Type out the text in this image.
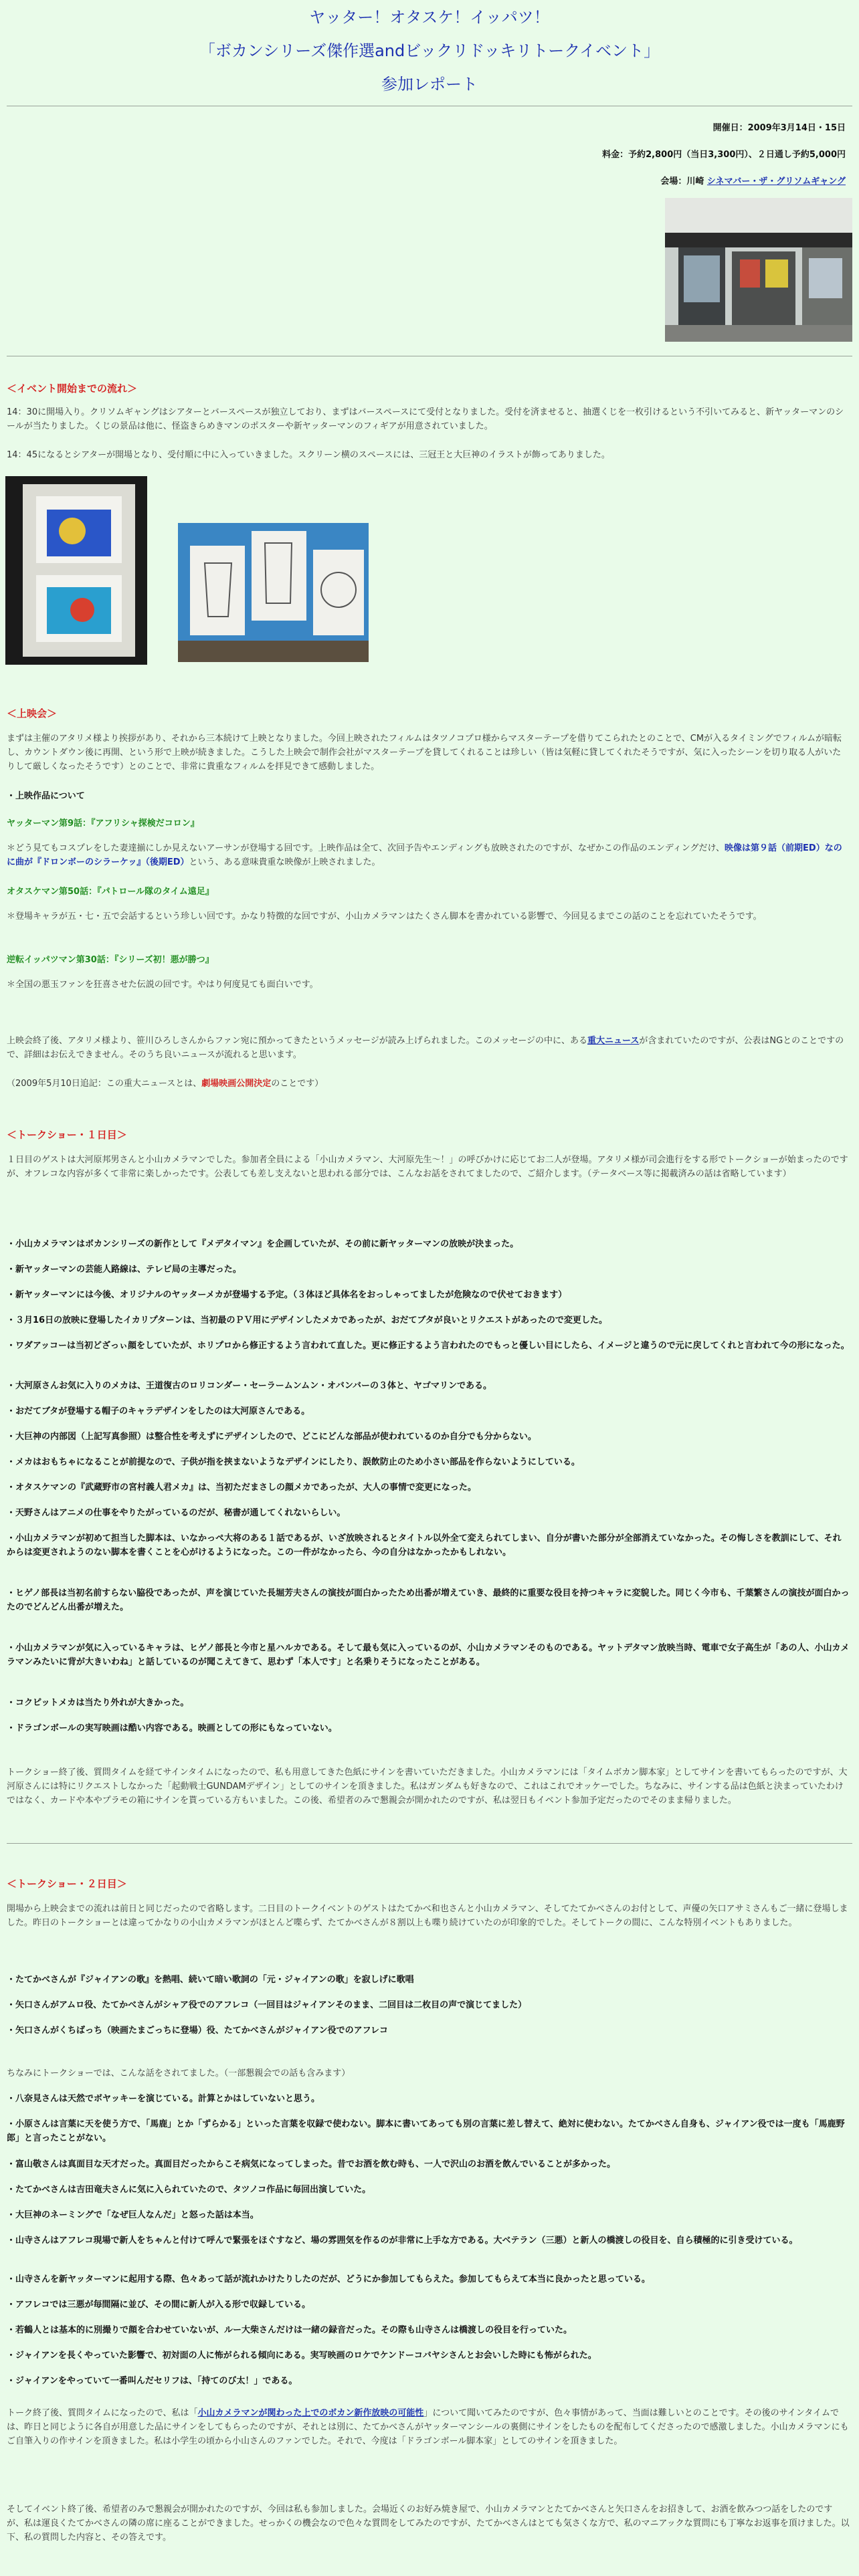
ヤッター！オタスケ！イッパツ！
「ボカンシリーズ傑作選andビックリドッキリトークイベント」
参加レポート
開催日：2009年3月14日・15日
料金：予約2,800円（当日3,300円）、２日通し予約5,000円
会場：川崎 シネマバー・ザ・グリソムギャング
＜イベント開始までの流れ＞
14：30に開場入り。クリソムギャングはシアターとバースペースが独立しており、まずはバースペースにて受付となりました。受付を済ませると、抽選くじを一枚引けるという不引いてみると、新ヤッターマンのシールが当たりました。くじの景品は他に、怪盗きらめきマンのポスターや新ヤッターマンのフィギアが用意されていました。
14：45になるとシアターが開場となり、受付順に中に入っていきました。スクリーン横のスペースには、三冠王と大巨神のイラストが飾ってありました。
＜上映会＞
まずは主催のアタリメ様より挨拶があり、それから三本続けて上映となりました。今回上映されたフィルムはタツノコプロ様からマスターテープを借りてこられたとのことで、CMが入るタイミングでフィルムが暗転し、カウントダウン後に再開、という形で上映が続きました。こうした上映会で制作会社がマスターテープを貸してくれることは珍しい（皆は気軽に貸してくれたそうですが、気に入ったシーンを切り取る人がいたりして厳しくなったそうです）とのことで、非常に貴重なフィルムを拝見できて感動しました。
・上映作品について
ヤッターマン第9話：『アフリシャ探検だコロン』
＊どう見てもコスプレをした妻達揃にしか見えないアーサンが登場する回です。上映作品は全て、次回予告やエンディングも放映されたのですが、なぜかこの作品のエンディングだけ、映像は第９話（前期ED）なのに曲が『ドロンボーのシラーケッ』（後期ED）という、ある意味貴重な映像が上映されました。
オタスケマン第50話：『パトロール隊のタイム遠足』
＊登場キャラが五・七・五で会話するという珍しい回です。かなり特徴的な回ですが、小山カメラマンはたくさん脚本を書かれている影響で、今回見るまでこの話のことを忘れていたそうです。
逆転イッパツマン第30話：『シリーズ初！悪が勝つ』
＊全国の悪玉ファンを狂喜させた伝説の回です。やはり何度見ても面白いです。
上映会終了後、アタリメ様より、笹川ひろしさんからファン宛に預かってきたというメッセージが読み上げられました。このメッセージの中に、ある重大ニュースが含まれていたのですが、公表はNGとのことですので、詳細はお伝えできません。そのうち良いニュースが流れると思います。
（2009年5月10日追記：この重大ニュースとは、劇場映画公開決定のことです）
＜トークショー・１日目＞
１日目のゲストは大河原邦男さんと小山カメラマンでした。参加者全員による「小山カメラマン、大河原先生〜！」の呼びかけに応じてお二人が登場。アタリメ様が司会進行をする形でトークショーが始まったのですが、オフレコな内容が多くて非常に楽しかったです。公表しても差し支えないと思われる部分では、こんなお話をされてましたので、ご紹介します。（テータベース等に掲載済みの話は省略しています）
・小山カメラマンはボカンシリーズの新作として『メデタイマン』を企画していたが、その前に新ヤッターマンの放映が決まった。
・新ヤッターマンの芸能人路線は、テレビ局の主導だった。
・新ヤッターマンには今後、オリジナルのヤッターメカが登場する予定。（３体ほど具体名をおっしゃってましたが危険なので伏せておきます）
・３月16日の放映に登場したイカリプターンは、当初最のＰＶ用にデザインしたメカであったが、おだてブタが良いとリクエストがあったので変更した。
・ワダアッコーは当初どざっぃ顔をしていたが、ホリプロから修正するよう言われて直した。更に修正するよう言われたのでもっと優しい目にしたら、イメージと違うので元に戻してくれと言われて今の形になった。
・大河原さんお気に入りのメカは、王道復古のロリコンダー・セーラームンムン・オバンバーの３体と、ヤゴマリンである。
・おだてブタが登場する帽子のキャラデザインをしたのは大河原さんである。
・大巨神の内部図（上記写真参照）は整合性を考えずにデザインしたので、どこにどんな部品が使われているのか自分でも分からない。
・メカはおもちゃになることが前提なので、子供が指を挟まないようなデザインにしたり、誤飲防止のため小さい部品を作らないようにしている。
・オタスケマンの『武蔵野市の宮村義人君メカ』は、当初ただまさしの顔メカであったが、大人の事情で変更になった。
・天野さんはアニメの仕事をやりたがっているのだが、秘書が通してくれないらしい。
・小山カメラマンが初めて担当した脚本は、いなかっぺ大将のある１話であるが、いざ放映されるとタイトル以外全て変えられてしまい、自分が書いた部分が全部消えていなかった。その悔しさを教訓にして、それからは変更されようのない脚本を書くことを心がけるようになった。この一件がなかったら、今の自分はなかったかもしれない。
・ヒゲノ部長は当初名前すらない脇役であったが、声を演じていた長堀芳夫さんの演技が面白かったため出番が増えていき、最終的に重要な役目を持つキャラに変貌した。同じく今市も、千葉繁さんの演技が面白かったのでどんどん出番が増えた。
・小山カメラマンが気に入っているキャラは、ヒゲノ部長と今市と星ハルカである。そして最も気に入っているのが、小山カメラマンそのものである。ヤットデタマン放映当時、電車で女子高生が「あの人、小山カメラマンみたいに背が大きいわね」と話しているのが聞こえてきて、思わず「本人です」と名乗りそうになったことがある。
・コクピットメカは当たり外れが大きかった。
・ドラゴンボールの実写映画は酷い内容である。映画としての形にもなっていない。
トークショー終了後、質問タイムを経てサインタイムになったので、私も用意してきた色紙にサインを書いていただきました。小山カメラマンには「タイムボカン脚本家」としてサインを書いてもらったのですが、大河原さんには特にリクエストしなかった「起動戦士GUNDAMデザイン」としてのサインを頂きました。私はガンダムも好きなので、これはこれでオッケーでした。ちなみに、サインする品は色紙と決まっていたわけではなく、カードや本やプラモの箱にサインを貰っている方もいました。この後、希望者のみで懇親会が開かれたのですが、私は翌日もイベント参加予定だったのでそのまま帰りました。
＜トークショー・２日目＞
開場から上映会までの流れは前日と同じだったので省略します。二日目のトークイベントのゲストはたてかべ和也さんと小山カメラマン、そしてたてかべさんのお付として、声優の矢口アサミさんもご一緒に登場しました。昨日のトークショーとは違ってかなりの小山カメラマンがほとんど喋らず、たてかべさんが８割以上も喋り続けていたのが印象的でした。そしてトークの間に、こんな特別イベントもありました。
・たてかべさんが『ジャイアンの歌』を熱唱、続いて暗い歌詞の「元・ジャイアンの歌」を寂しげに歌唱
・矢口さんがアムロ役、たてかべさんがシャア役でのアフレコ（一回目はジャイアンそのまま、二回目は二枚目の声で演じてました）
・矢口さんがくちばっち（映画たまごっちに登場）役、たてかべさんがジャイアン役でのアフレコ
ちなみにトークショーでは、こんな話をされてました。（一部懇親会での話も含みます）
・八奈見さんは天然でボヤッキーを演じている。計算とかはしていないと思う。
・小原さんは言葉に天を使う方で、「馬鹿」とか「ずらかる」といった言葉を収録で使わない。脚本に書いてあっても別の言葉に差し替えて、絶対に使わない。たてかべさん自身も、ジャイアン役では一度も「馬鹿野郎」と言ったことがない。
・富山敬さんは真面目な天才だった。真面目だったからこそ病気になってしまった。昔でお酒を飲む時も、一人で沢山のお酒を飲んでいることが多かった。
・たてかべさんは吉田竜夫さんに気に入られていたので、タツノコ作品に毎回出演していた。
・大巨神のネーミングで「なぜ巨人なんだ」と怒った話は本当。
・山寺さんはアフレコ現場で新人をちゃんと付けて呼んで緊張をほぐすなど、場の雰囲気を作るのが非常に上手な方である。大ベテラン（三悪）と新人の橋渡しの役目を、自ら積極的に引き受けている。
・山寺さんを新ヤッターマンに起用する際、色々あって話が流れかけたりしたのだが、どうにか参加してもらえた。参加してもらえて本当に良かったと思っている。
・アフレコでは三悪が毎間隔に並び、その間に新人が入る形で収録している。
・若鶴人とは基本的に別撮りで顔を合わせていないが、ルー大柴さんだけは一緒の録音だった。その際も山寺さんは橋渡しの役目を行っていた。
・ジャイアンを長くやっていた影響で、初対面の人に怖がられる傾向にある。実写映画のロケでケンドーコバヤシさんとお会いした時にも怖がられた。
・ジャイアンをやっていて一番叫んだセリフは、「持てのび太！」である。
トーク終了後、質問タイムになったので、私は「小山カメラマンが関わった上でのボカン新作放映の可能性」について聞いてみたのですが、色々事情があって、当面は難しいとのことです。その後のサインタイムでは、昨日と同じように各自が用意した品にサインをしてもらったのですが、それとは別に、たてかべさんがヤッターマンシールの裏側にサインをしたものを配布してくださったので感激しました。小山カメラマンにもご自筆入りの作サインを頂きました。私は小学生の頃から小山さんのファンでした。それで、今度は「ドラゴンボール脚本家」としてのサインを頂きました。
そしてイベント終了後、希望者のみで懇親会が開かれたのですが、今回は私も参加しました。会場近くのお好み焼き屋で、小山カメラマンとたてかべさんと矢口さんをお招きして、お酒を飲みつつ話をしたのですが、私は運良くたてかべさんの隣の席に座ることができました。せっかくの機会なので色々な質問をしてみたのですが、たてかべさんはとても気さくな方で、私のマニアックな質問にも丁寧なお返事を頂けました。以下、私の質問した内容と、その答えです。
